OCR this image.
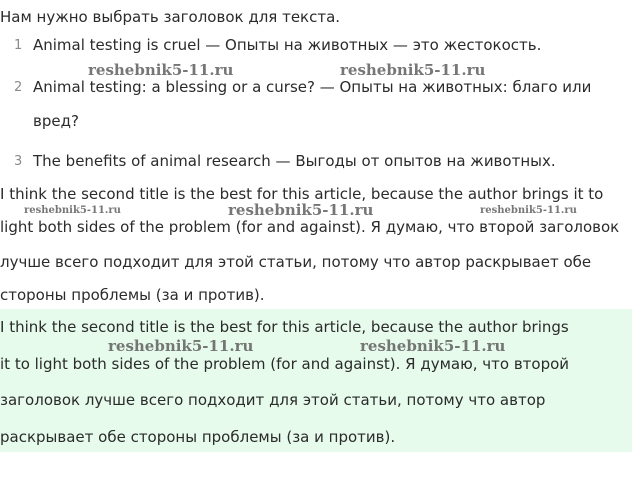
Нам нужно выбрать заголовок для текста.
1 Animal testing is cruel — Опыты на животных — это жестокость.
2 Animal testing: a blessing or a curse? — Опыты на животных: благо или
вред?
3 The benefits of animal research — Выгоды от опытов на животных.
I think the second title is the best for this article, because the author brings it to
light both sides of the problem (for and against). Я думаю, что второй заголовок
лучше всего подходит для этой статьи, потому что автор раскрывает обе
стороны проблемы (за и против).
I think the second title is the best for this article, because the author brings
it to light both sides of the problem (for and against). Я думаю, что второй
заголовок лучше всего подходит для этой статьи, потому что автор
раскрывает обе стороны проблемы (за и против).
reshebnik5-11.ru	reshebnik5-11.ru
reshebnik5-11.ru	reshebnik5-11.ru	reshebnik5-11.ru
reshebnik5-11.ru	reshebnik5-11.ru
